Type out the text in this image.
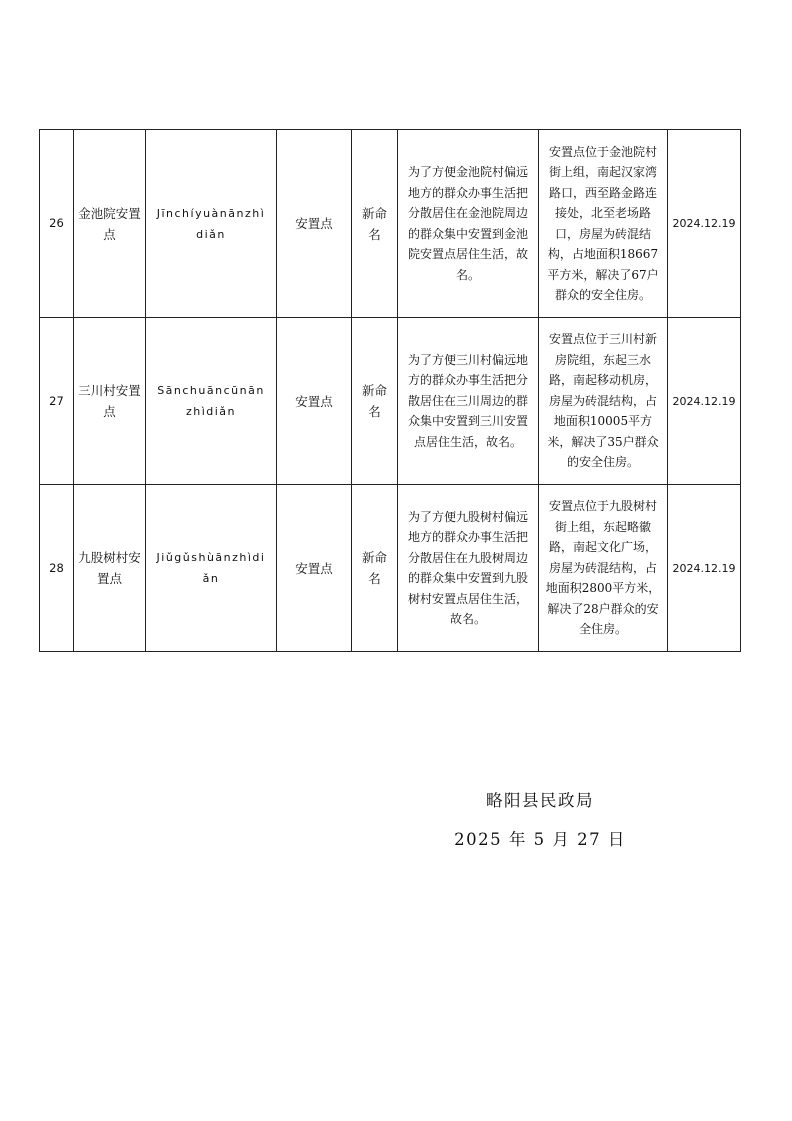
26	金池院安置点	Jīnchíyuànānzhìdiǎn	安置点	新命名	为了方便金池院村偏远地方的群众办事生活把分散居住在金池院周边的群众集中安置到金池院安置点居住生活，故名。	安置点位于金池院村街上组，南起汉家湾路口，西至路金路连接处，北至老场路口，房屋为砖混结构，占地面积18667平方米，解决了67户群众的安全住房。	2024.12.19
27	三川村安置点	Sānchuāncūnānzhìdiǎn	安置点	新命名	为了方便三川村偏远地方的群众办事生活把分散居住在三川周边的群众集中安置到三川安置点居住生活，故名。	安置点位于三川村新房院组，东起三水路，南起移动机房，房屋为砖混结构，占地面积10005平方米，解决了35户群众的安全住房。	2024.12.19
28	九股树村安置点	Jiǔgǔshùānzhìdiǎn	安置点	新命名	为了方便九股树村偏远地方的群众办事生活把分散居住在九股树周边的群众集中安置到九股树村安置点居住生活，故名。	安置点位于九股树村街上组，东起略徽路，南起文化广场，房屋为砖混结构，占地面积2800平方米，解决了28户群众的安全住房。	2024.12.19
略阳县民政局
2025 年 5 月 27 日
